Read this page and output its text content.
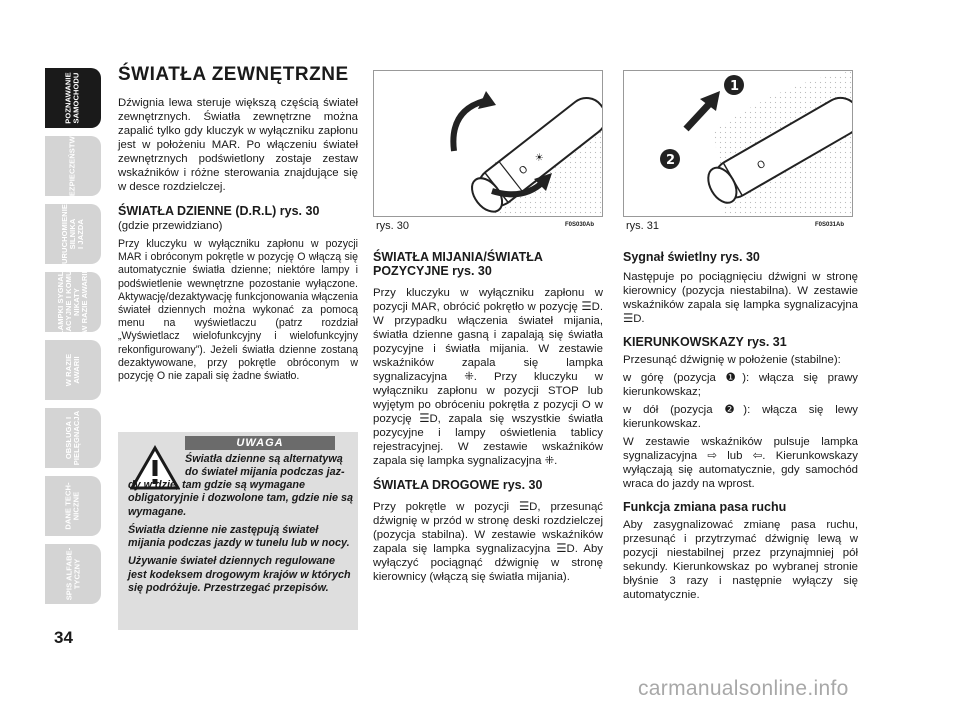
POZNAWANIE
SAMOCHODU
BEZPIECZEŃSTWO
URUCHOMIENIE
SILNIKA
I JAZDA
LAMPKI SYGNAL-
ZACYJNE I KOMU-
NIKATY
W RAZIE AWARII
W RAZIE
AWARII
OBSŁUGA I
PIELĘGNACJA
DANE TECH-
NICZNE
SPIS ALFABE-
TYCZNY
34
ŚWIATŁA ZEWNĘTRZNE

Dźwignia lewa steruje większą częścią świateł zewnętrznych. Światła zewnętrzne można zapalić tylko gdy kluczyk w wyłączniku zapłonu jest w położeniu MAR. Po włączeniu świateł zewnętrznych podświetlony zostaje zestaw wskaźników i różne sterowania znajdujące się w desce rozdzielczej.

ŚWIATŁA DZIENNE (D.R.L) rys. 30
(gdzie przewidziano)

Przy kluczyku w wyłączniku zapłonu w pozycji MAR i obróconym pokrętle w pozycję O włączą się automatycznie światła dzienne; niektóre lampy i podświetlenie wewnętrzne pozostanie wyłączone. Aktywację/dezaktywację funkcjonowania włączenia świateł dziennych można wykonać za pomocą menu na wyświetlaczu (patrz rozdział „Wyświetlacz wielofunkcyjny i wielofunkcyjny rekonfigurowany”). Jeżeli światła dzienne zostaną dezaktywowane, przy pokrętle obróconym w pozycję O nie zapali się żadne światło.

UWAGA
Światła dzienne są alternatywą do świateł mijania podczas jaz-

dy w dzie, tam gdzie są wymagane obligatoryjnie i dozwolone tam, gdzie nie są wymagane.

Światła dzienne nie zastępują świateł mijania podczas jazdy w tunelu lub w nocy.

Używanie świateł dziennych regulowane jest kodeksem drogowym krajów w których się podróżuje. Przestrzegać przepisów.

O
☀
rys. 30	F0S030Ab
O
1
2
rys. 31	F0S031Ab
ŚWIATŁA MIJANIA/ŚWIATŁA POZYCYJNE rys. 30

Przy kluczyku w wyłączniku zapłonu w pozycji MAR, obrócić pokrętło w pozycję ☰D. W przypadku włączenia świateł mijania, światła dzienne gasną i zapalają się światła pozycyjne i światła mijania. W zestawie wskaźników zapala się lampka sygnalizacyjna ⁜. Przy kluczyku w wyłączniku zapłonu w pozycji STOP lub wyjętym po obróceniu pokrętła z pozycji O w pozycję ☰D, zapala się wszystkie światła pozycyjne i lampy oświetlenia tablicy rejestracyjnej. W zestawie wskaźników zapala się lampka sygnalizacyjna ⁜.

ŚWIATŁA DROGOWE rys. 30

Przy pokrętle w pozycji ☰D, przesunąć dźwignię w przód w stronę deski rozdzielczej (pozycja stabilna). W zestawie wskaźników zapala się lampka sygnalizacyjna ☰D. Aby wyłączyć pociągnąć dźwignię w stronę kierownicy (włączą się światła mijania).

Sygnał świetlny rys. 30

Następuje po pociągnięciu dźwigni w stronę kierownicy (pozycja niestabilna). W zestawie wskaźników zapala się lampka sygnalizacyjna ☰D.

KIERUNKOWSKAZY rys. 31

Przesunąć dźwignię w położenie (stabilne):

w górę (pozycja ❶): włącza się prawy kierunkowskaz;

w dół (pozycja ❷): włącza się lewy kierunkowskaz.

W zestawie wskaźników pulsuje lampka sygnalizacyjna ⇨ lub ⇦. Kierunkowskazy wyłączają się automatycznie, gdy samochód wraca do jazdy na wprost.

Funkcja zmiana pasa ruchu

Aby zasygnalizować zmianę pasa ruchu, przesunąć i przytrzymać dźwignię lewą w pozycji niestabilnej przez przynajmniej pół sekundy. Kierunkowskaz po wybranej stronie błyśnie 3 razy i następnie wyłączy się automatycznie.

carmanualsonline.info
